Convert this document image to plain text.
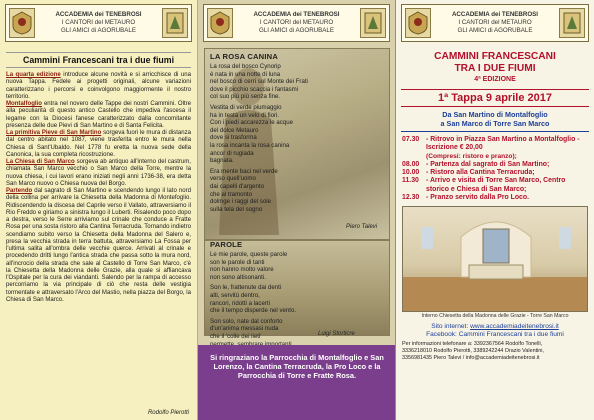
ACCADEMIA dei TENEBROSI
I CANTORI del METAURO
GLI AMICI di AGORUBALE
Cammini Francescani tra i due fiumi

La quarta edizione introduce alcune novità e si arricchisce di una nuova Tappa. Fedele ai progetti originali, alcune variazioni caratterizzano i percorsi e coinvolgono maggiormente il nostro territorio.

Montalfoglio entra nel novero delle Tappe dei nostri Cammini. Oltre alla peculiarità di questo antico Castello che impediva l'ascesa il legame con la Diocesi fanese caratterizzato dalla concomitante presenza delle due Pievi di San Martino e di Santa Felicita.

La primitiva Pieve di San Martino sorgeva fuori le mura di distanza dal centro abitato nel 1087, viene trasferita entro le mura nella Chiesa di Sant'Ubaldo. Nel 1778 fu eretta la nuova sede della Canonica, la sua completa ricostruzione.

La Chiesa di San Marco sorgeva ab antiquo all'interno del castrum, chiamata San Marco vecchio o San Marco della Torre, mentre la nuova chiesa, i cui lavori erano iniziati negli anni 1736-38, era detta San Marco nuovo o Chiesa nuova del Borgo.

Partendo dal sagrato di San Martino e scendendo lungo il lato nord della collina per arrivare la Chiesetta della Madonna di Montefoglio. Ridiscendendo la discesa del Caprile verso il Vallato, attraversiamo il Rio Freddo e giriamo a sinistra lungo il Luberti. Risalendo poco dopo a destra, verso le Serre arriviamo sul crinale che conduce a Fratte Rosa per una sosta ristoro alla Cantina Terracruda. Tornando indietro scendiamo subito verso la Chiesetta della Madonna del Salero e, presa la vecchia strada in terra battuta, attraversiamo La Fossa per l'ultima salita all'ombra delle vecchie querce. Arrivati al crinale e procedendo dritti lungo l'antica strada che passa sotto la mura nord, all'incrocio della strada che sale al Castello di Torre San Marco, c'è la Chiesetta della Madonna delle Grazie, alla quale si affiancava l'Ospitale per la cura dei viandanti. Salendo per la rampa di accesso percorriamo la via principale di ciò che resta delle vestigia tormentate e attraversato l'Arco del Mastio, nella piazza del Borgo, la Chiesa di San Marco.

Rodolfo Pierotti
ACCADEMIA dei TENEBROSI
I CANTORI del METAURO
GLI AMICI di AGORUBALE
LA ROSA CANINA
La rosa del bosco Cynorip
è nata in una notte di luna
nel bosco di cerri sul Monte dei Frati
dove il picchio scaccia i fantasmi
col suo più più senza fine.

Vestita di verde piumaggio
ha in testa un velo di fiori.
Con i piedi accarezza le acque
del dolce Metauro
dove si trasforma
la rosa incanta la rosa canina
ancor di rugiada
bagnata.

Era mente baci nel verde
verso quell'uomo
dai capelli d'argento
che al tramonto
dolmge i raggi del sole
sulla tela del sogno
Piero Talevi
PAROLE
Le mie parole, queste parole
son le parole di tanti
non hanno molto valore
non sono altisonanti.

Son le, frattenute dai denti
alti, servitù dentro,
rancori, ridotti a lacerti
che il tempo disperde nel vento.

Son solo, nate dal conforto
d'un'anima messasi nuda
che il 'colle dei lieti'	Luigi Storticre
Si ringraziano la Parrocchia di Montalfoglio e San Lorenzo, la Cantina Terracruda, la Pro Loco e la Parrocchia di Torre e Fratte Rosa.
ACCADEMIA dei TENEBROSI
I CANTORI del METAURO
GLI AMICI di AGORUBALE
CAMMINI FRANCESCANI
TRA I DUE FIUMI
4ª EDIZIONE
1ª Tappa 9 aprile 2017
Da San Martino di Montalfoglio
a San Marco di Torre San Marco
07.30 - Ritrovo in Piazza San Martino a Montalfoglio - Iscrizione € 20,00
(Compresi: ristoro e pranzo);
08.00 - Partenza dal sagrato di San Martino;
10.00 - Ristoro alla Cantina Terracruda;
11.30	- Arrivo e visita di Torre San Marco, Centro storico e Chiesa di San Marco;
12.30 - Pranzo servito dalla Pro Loco.
Interno Chiesetta della Madonna delle Grazie - Torre San Marco
Sito internet: www.accademiadeitenebrosi.it
Facebook: Cammini Francescani tra i due fiumi
Per informazioni telefonare a: 3392367564 Rodolfo Tonelli,
3336218010 Rodolfo Pierotti, 3389242244 Orazio Valentini,
3356981435 Piero Talevi / info@accademiadeitenebrosi.it
